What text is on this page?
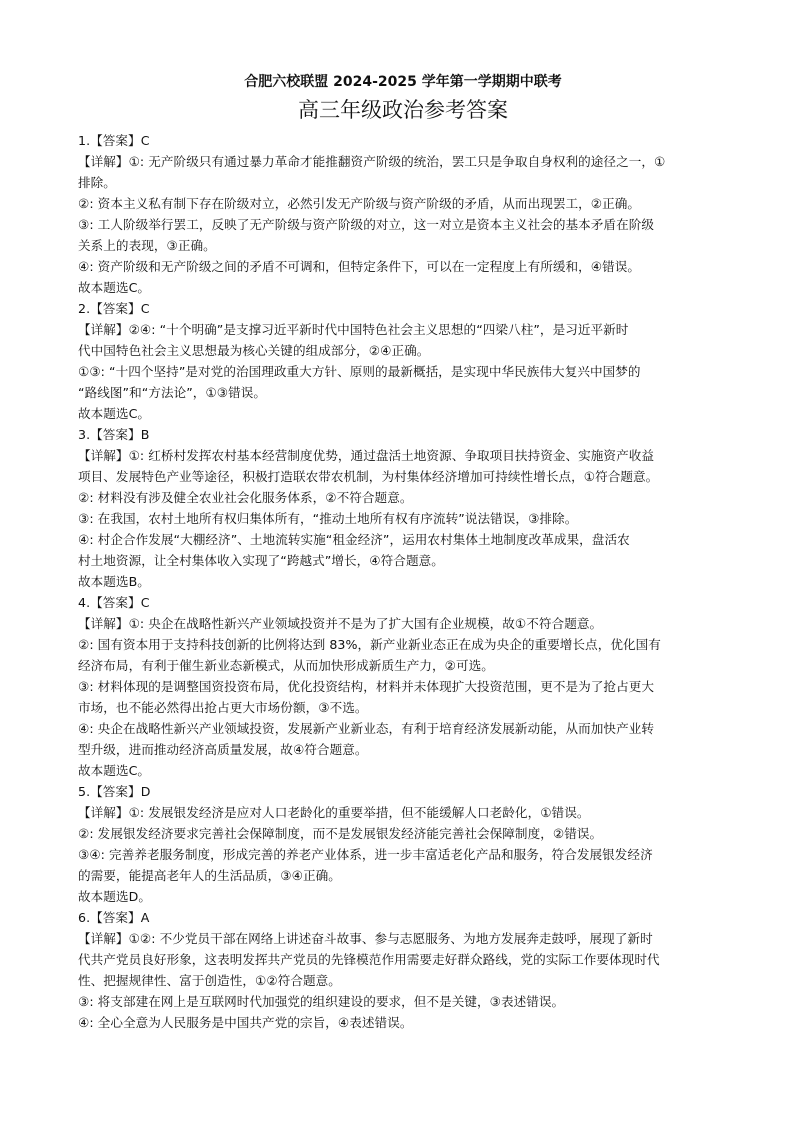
合肥六校联盟 2024-2025 学年第一学期期中联考
高三年级政治参考答案
1.【答案】C
【详解】①: 无产阶级只有通过暴力革命才能推翻资产阶级的统治，罢工只是争取自身权利的途径之一，①
排除。
②: 资本主义私有制下存在阶级对立，必然引发无产阶级与资产阶级的矛盾，从而出现罢工，②正确。
③: 工人阶级举行罢工，反映了无产阶级与资产阶级的对立，这一对立是资本主义社会的基本矛盾在阶级
关系上的表现，③正确。
④: 资产阶级和无产阶级之间的矛盾不可调和，但特定条件下，可以在一定程度上有所缓和，④错误。
故本题选C。
2.【答案】C
【详解】②④: “十个明确”是支撑习近平新时代中国特色社会主义思想的“四梁八柱”，是习近平新时
代中国特色社会主义思想最为核心关键的组成部分，②④正确。
①③: “十四个坚持”是对党的治国理政重大方针、原则的最新概括，是实现中华民族伟大复兴中国梦的
“路线图”和“方法论”，①③错误。
故本题选C。
3.【答案】B
【详解】①: 红桥村发挥农村基本经营制度优势，通过盘活土地资源、争取项目扶持资金、实施资产收益
项目、发展特色产业等途径，积极打造联农带农机制，为村集体经济增加可持续性增长点，①符合题意。
②: 材料没有涉及健全农业社会化服务体系，②不符合题意。
③: 在我国，农村土地所有权归集体所有，“推动土地所有权有序流转”说法错误，③排除。
④: 村企合作发展“大棚经济”、土地流转实施“租金经济”，运用农村集体土地制度改革成果，盘活农
村土地资源，让全村集体收入实现了“跨越式”增长，④符合题意。
故本题选B。
4.【答案】C
【详解】①: 央企在战略性新兴产业领域投资并不是为了扩大国有企业规模，故①不符合题意。
②: 国有资本用于支持科技创新的比例将达到 83%，新产业新业态正在成为央企的重要增长点，优化国有
经济布局，有利于催生新业态新模式，从而加快形成新质生产力，②可选。
③: 材料体现的是调整国资投资布局，优化投资结构，材料并未体现扩大投资范围，更不是为了抢占更大
市场，也不能必然得出抢占更大市场份额，③不选。
④: 央企在战略性新兴产业领域投资，发展新产业新业态，有利于培育经济发展新动能，从而加快产业转
型升级，进而推动经济高质量发展，故④符合题意。
故本题选C。
5.【答案】D
【详解】①: 发展银发经济是应对人口老龄化的重要举措，但不能缓解人口老龄化，①错误。
②: 发展银发经济要求完善社会保障制度，而不是发展银发经济能完善社会保障制度，②错误。
③④: 完善养老服务制度，形成完善的养老产业体系，进一步丰富适老化产品和服务，符合发展银发经济
的需要，能提高老年人的生活品质，③④正确。
故本题选D。
6.【答案】A
【详解】①②: 不少党员干部在网络上讲述奋斗故事、参与志愿服务、为地方发展奔走鼓呼，展现了新时
代共产党员良好形象，这表明发挥共产党员的先锋模范作用需要走好群众路线，党的实际工作要体现时代
性、把握规律性、富于创造性，①②符合题意。
③: 将支部建在网上是互联网时代加强党的组织建设的要求，但不是关键，③表述错误。
④: 全心全意为人民服务是中国共产党的宗旨，④表述错误。
